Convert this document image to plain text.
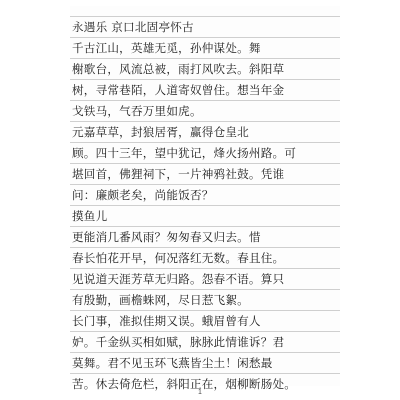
永遇乐 京口北固亭怀古
千古江山，英雄无觅，孙仲谋处。舞
榭歌台，风流总被，雨打风吹去。斜阳草
树，寻常巷陌，人道寄奴曾住。想当年金
戈铁马，气吞万里如虎。
元嘉草草，封狼居胥，赢得仓皇北
顾。四十三年，望中犹记，烽火扬州路。可
堪回首，佛狸祠下，一片神鸦社鼓。凭谁
问：廉颇老矣，尚能饭否？
摸鱼儿
更能消几番风雨？匆匆春又归去。惜
春长怕花开早，何况落红无数。春且住。
见说道天涯芳草无归路。怨春不语。算只
有殷勤，画檐蛛网，尽日惹飞絮。
长门事，准拟佳期又误。蛾眉曾有人
妒。千金纵买相如赋，脉脉此情谁诉？君
莫舞。君不见玉环飞燕皆尘土！闲愁最
苦。休去倚危栏，斜阳正在，烟柳断肠处。
1
